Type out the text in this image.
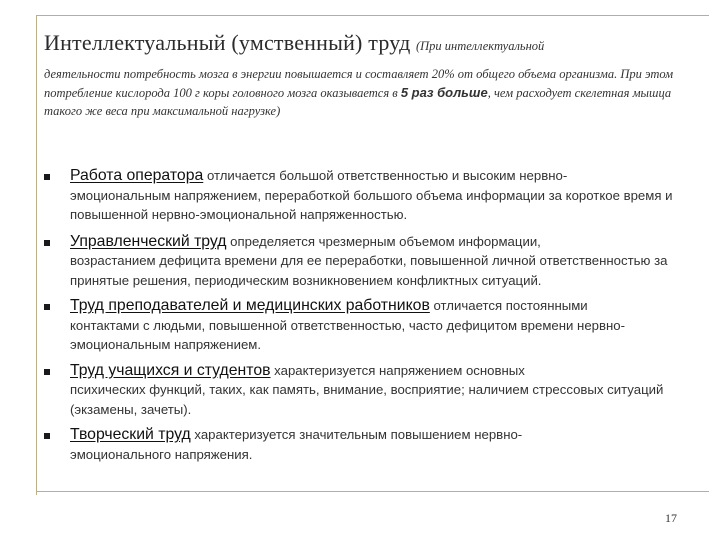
Интеллектуальный (умственный) труд (При интеллектуальной
деятельности потребность мозга в энергии повышается и составляет 20% от общего объема организма. При этом потребление кислорода 100 г коры головного мозга оказывается в 5 раз больше, чем расходует скелетная мышца такого же веса при максимальной нагрузке)
Работа оператора отличается большой ответственностью и высоким нервно-
эмоциональным напряжением, переработкой большого объема информации за короткое время и повышенной нервно-эмоциональной напряженностью.
Управленческий труд определяется чрезмерным объемом информации,
возрастанием дефицита времени для ее переработки, повышенной личной ответственностью за принятые решения, периодическим возникновением конфликтных ситуаций.
Труд преподавателей и медицинских работников отличается постоянными
контактами с людьми, повышенной ответственностью, часто дефицитом времени нервно-эмоциональным напряжением.
Труд учащихся и студентов характеризуется напряжением основных
психических функций, таких, как память, внимание, восприятие; наличием стрессовых ситуаций (экзамены, зачеты).
Творческий труд характеризуется значительным повышением нервно-
эмоционального напряжения.
17
